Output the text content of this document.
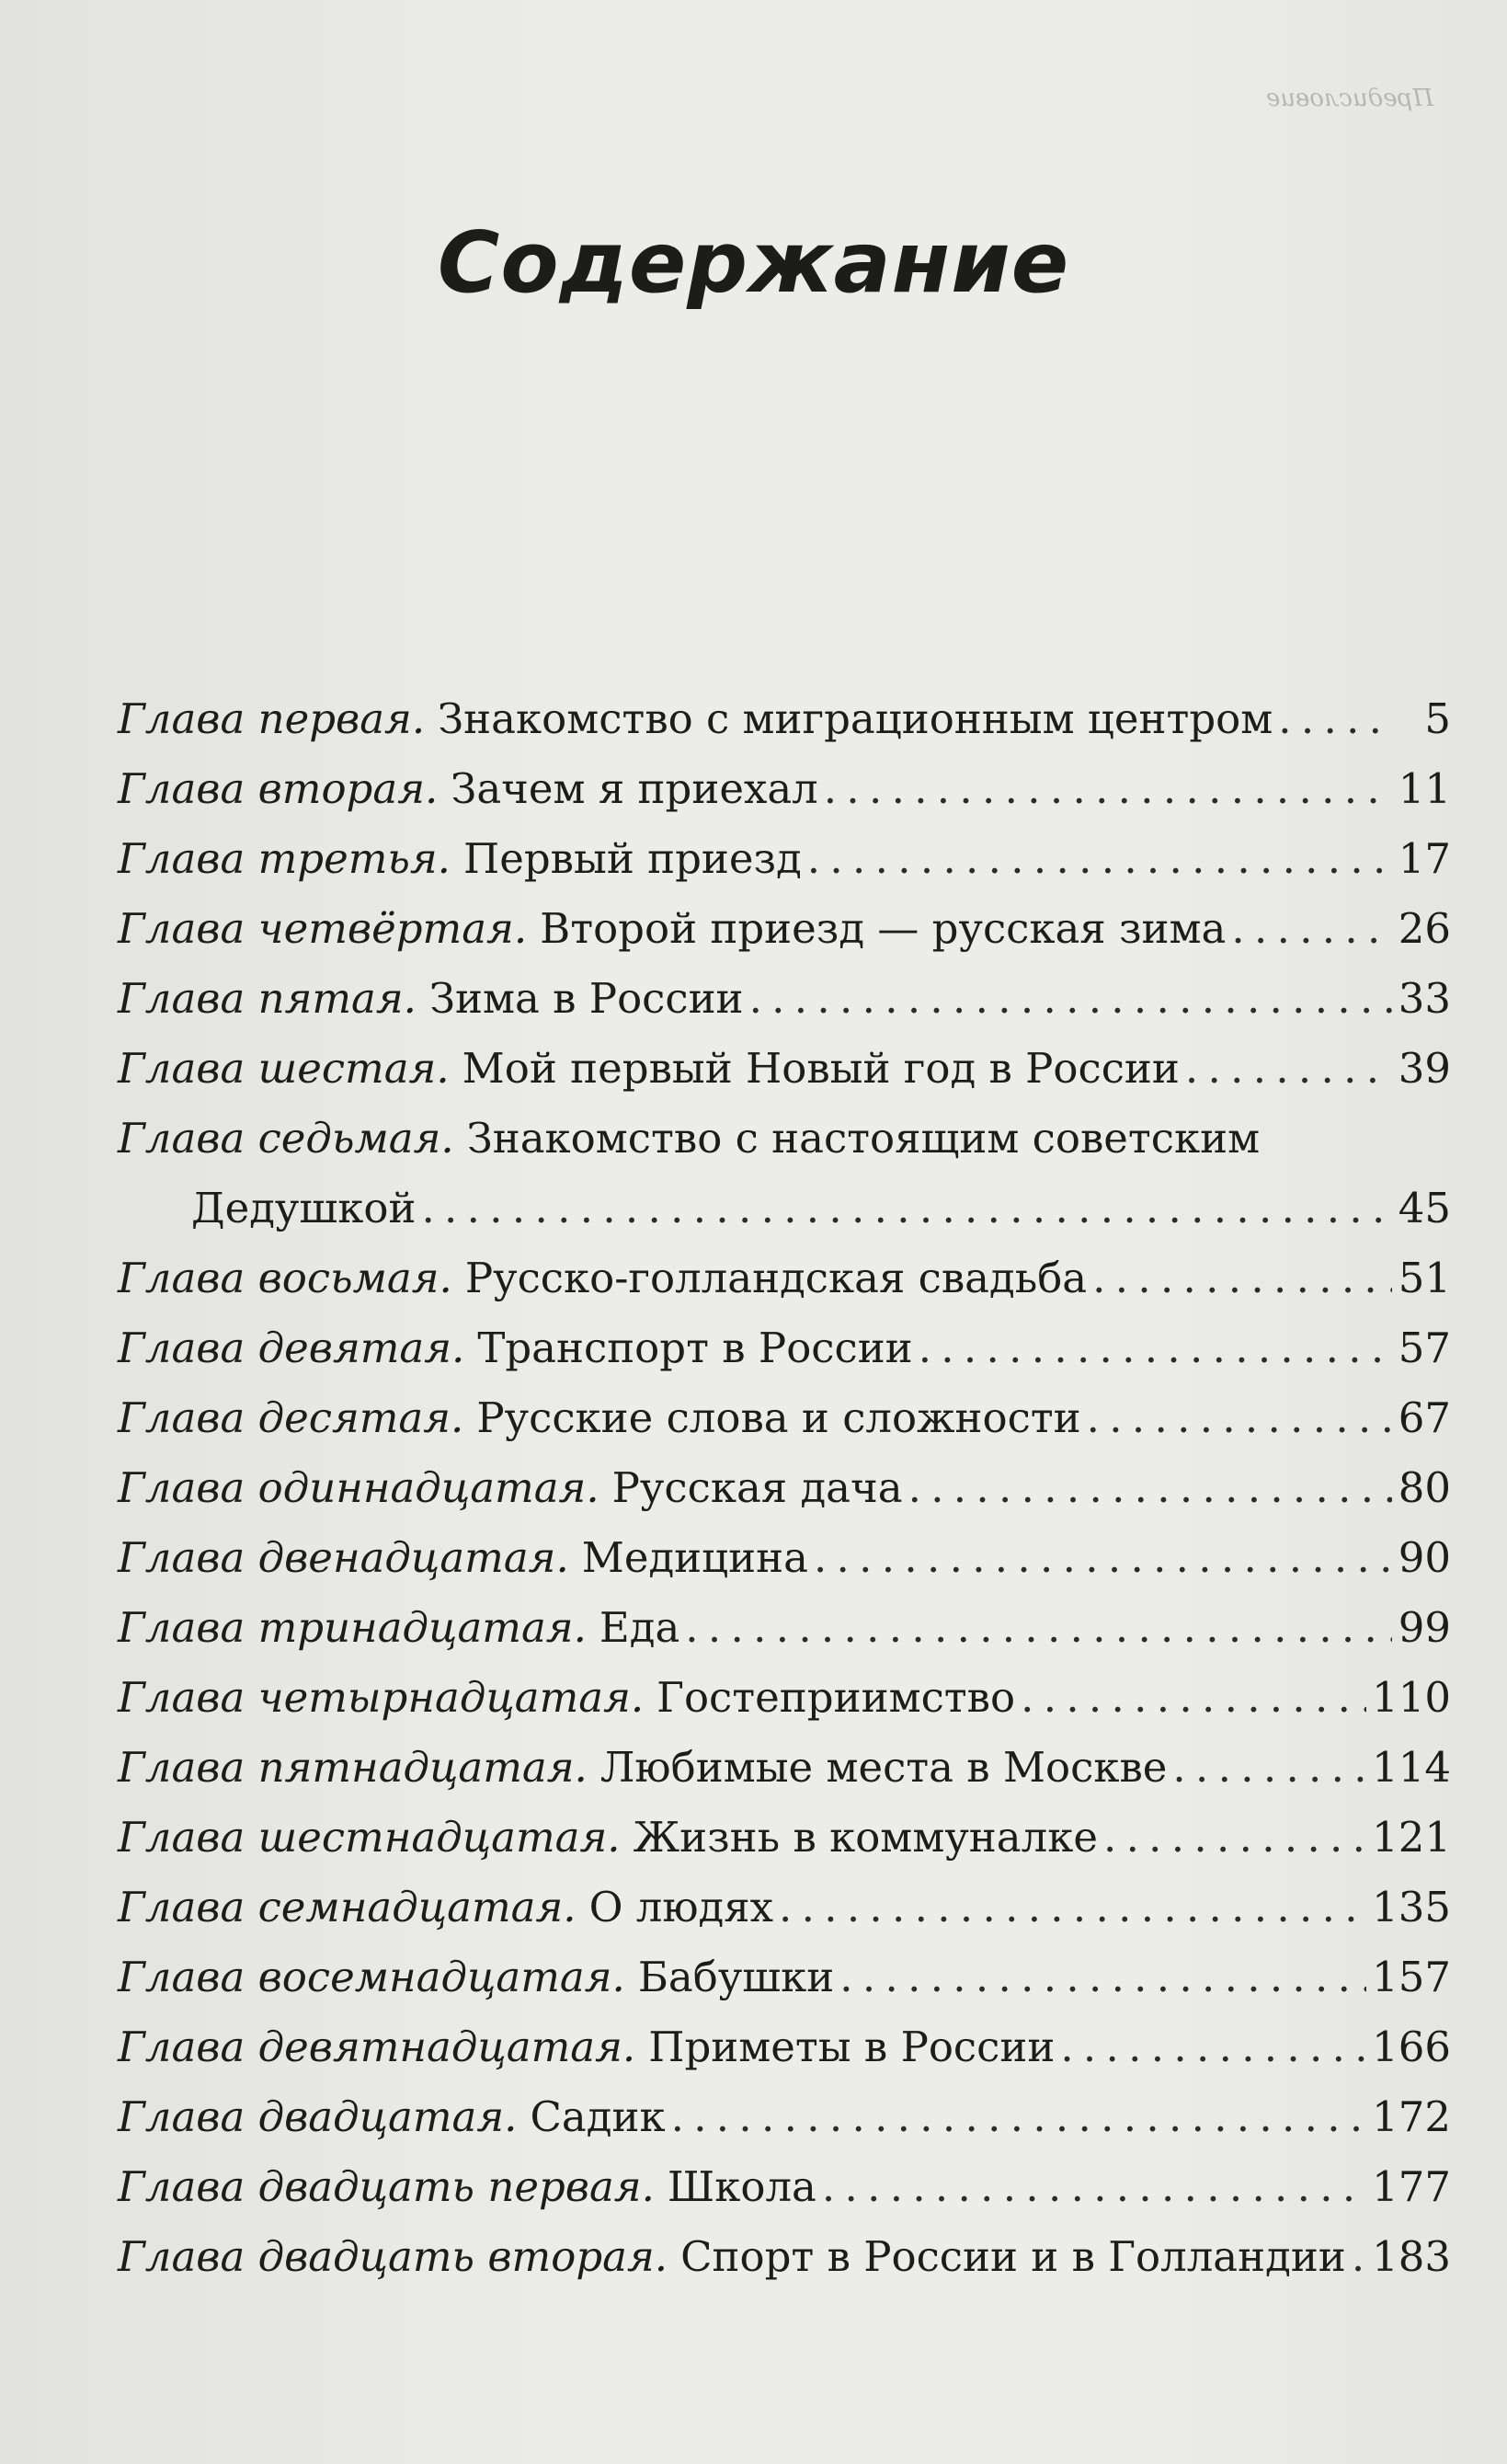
Предисловие

Содержание
Глава первая. Знакомство с миграционным центром . . .	5
Глава вторая. Зачем я приехал . . .	11
Глава третья. Первый приезд . . .	17
Глава четвёртая. Второй приезд — русская зима . . .	26
Глава пятая. Зима в России . . .	33
Глава шестая. Мой первый Новый год в России . . .	39
Глава седьмая. Знакомство с настоящим советским
Дедушкой . . .	45
Глава восьмая. Русско-голландская свадьба . . .	51
Глава девятая. Транспорт в России . . .	57
Глава десятая. Русские слова и сложности . . .	67
Глава одиннадцатая. Русская дача . . .	80
Глава двенадцатая. Медицина . . .	90
Глава тринадцатая. Еда . . .	99
Глава четырнадцатая. Гостеприимство . . .	110
Глава пятнадцатая. Любимые места в Москве . . .	114
Глава шестнадцатая. Жизнь в коммуналке . . .	121
Глава семнадцатая. О людях . . .	135
Глава восемнадцатая. Бабушки . . .	157
Глава девятнадцатая. Приметы в России . . .	166
Глава двадцатая. Садик . . .	172
Глава двадцать первая. Школа . . .	177
Глава двадцать вторая. Спорт в России и в Голландии . . . 183
